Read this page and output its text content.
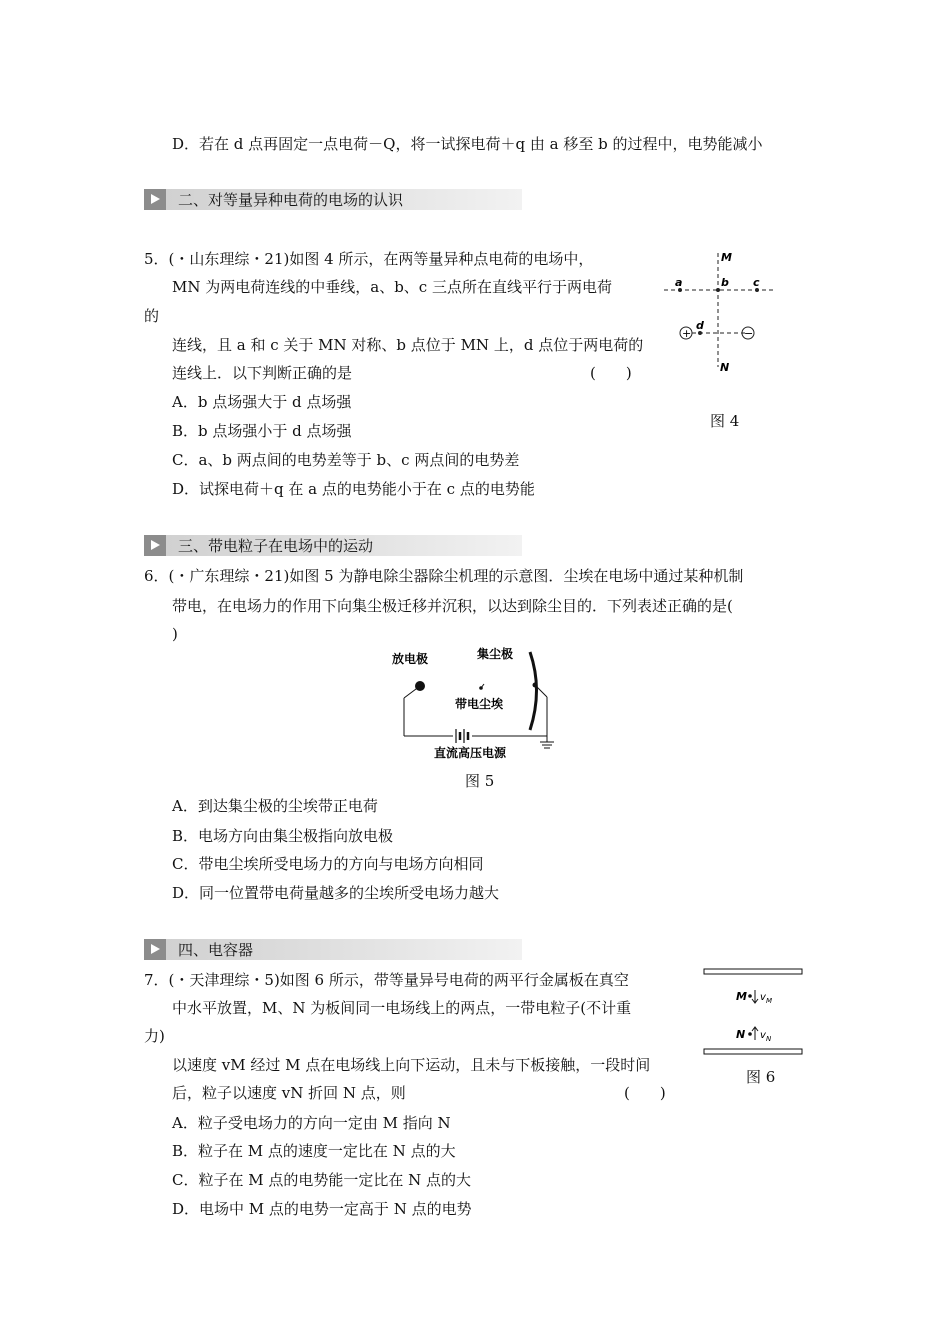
D．若在 d 点再固定一点电荷－Q，将一试探电荷＋q 由 a 移至 b 的过程中，电势能减小
二、对等量异种电荷的电场的认识
5．(・山东理综・21)如图 4 所示，在两等量异种点电荷的电场中，
MN 为两电荷连线的中垂线，a、b、c 三点所在直线平行于两电荷
的
连线，且 a 和 c 关于 MN 对称、b 点位于 MN 上，d 点位于两电荷的
连线上．以下判断正确的是	(　　)
A．b 点场强大于 d 点场强
B．b 点场强小于 d 点场强
C．a、b 两点间的电势差等于 b、c 两点间的电势差
D．试探电荷＋q 在 a 点的电势能小于在 c 点的电势能
+	−
M
N
a	b c
d
图 4
三、带电粒子在电场中的运动
6．(・广东理综・21)如图 5 为静电除尘器除尘机理的示意图．尘埃在电场中通过某种机制
带电，在电场力的作用下向集尘极迁移并沉积，以达到除尘目的．下列表述正确的是(
)
放电极	集尘极
带电尘埃
直流高压电源
图 5
A．到达集尘极的尘埃带正电荷
B．电场方向由集尘极指向放电极
C．带电尘埃所受电场力的方向与电场方向相同
D．同一位置带电荷量越多的尘埃所受电场力越大
四、电容器
7．(・天津理综・5)如图 6 所示，带等量异号电荷的两平行金属板在真空
中水平放置，M、N 为板间同一电场线上的两点，一带电粒子(不计重
力)
以速度 vM 经过 M 点在电场线上向下运动，且未与下板接触，一段时间
后，粒子以速度 vN 折回 N 点，则	(　　)
A．粒子受电场力的方向一定由 M 指向 N
B．粒子在 M 点的速度一定比在 N 点的大
C．粒子在 M 点的电势能一定比在 N 点的大
D．电场中 M 点的电势一定高于 N 点的电势
M v M
N v N
图 6
